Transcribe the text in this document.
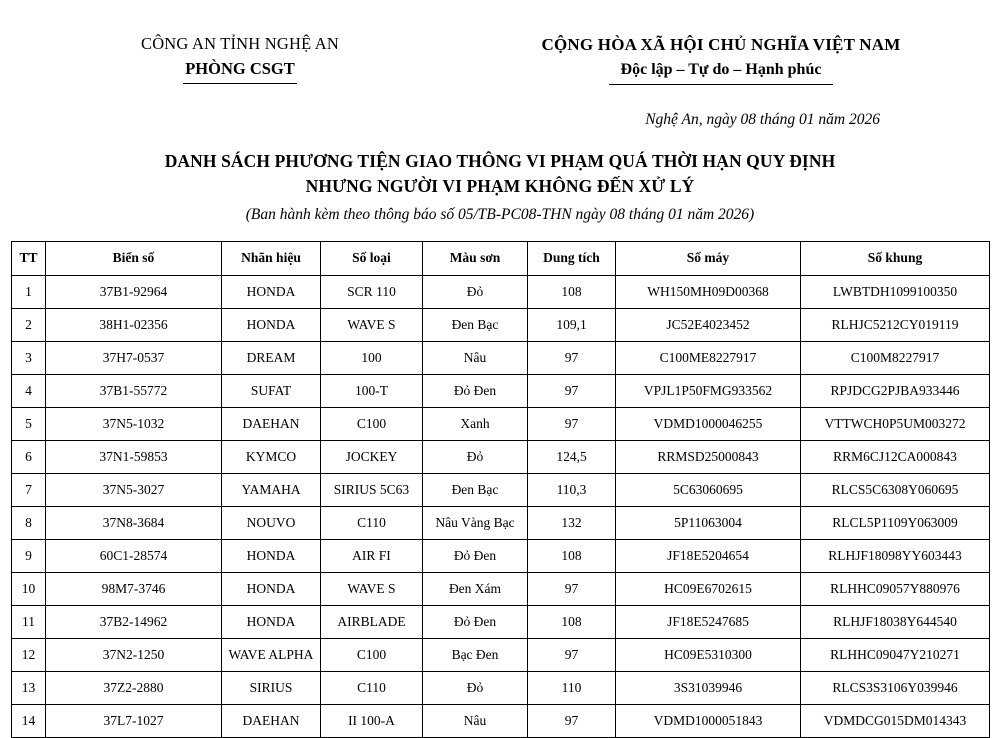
CÔNG AN TỈNH NGHỆ AN
PHÒNG CSGT
CỘNG HÒA XÃ HỘI CHỦ NGHĨA VIỆT NAM
Độc lập – Tự do – Hạnh phúc
Nghệ An, ngày 08 tháng 01 năm 2026
DANH SÁCH PHƯƠNG TIỆN GIAO THÔNG VI PHẠM QUÁ THỜI HẠN QUY ĐỊNH
NHƯNG NGƯỜI VI PHẠM KHÔNG ĐẾN XỬ LÝ
(Ban hành kèm theo thông báo số 05/TB-PC08-THN ngày 08 tháng 01 năm 2026)
TT	Biển số	Nhãn hiệu	Số loại	Màu sơn	Dung tích	Số máy	Số khung
1	37B1-92964	HONDA	SCR 110	Đỏ	108	WH150MH09D00368	LWBTDH1099100350
2	38H1-02356	HONDA	WAVE S	Đen Bạc	109,1	JC52E4023452	RLHJC5212CY019119
3	37H7-0537	DREAM	100	Nâu	97	C100ME8227917	C100M8227917
4	37B1-55772	SUFAT	100-T	Đỏ Đen	97	VPJL1P50FMG933562	RPJDCG2PJBA933446
5	37N5-1032	DAEHAN	C100	Xanh	97	VDMD1000046255	VTTWCH0P5UM003272
6	37N1-59853	KYMCO	JOCKEY	Đỏ	124,5	RRMSD25000843	RRM6CJ12CA000843
7	37N5-3027	YAMAHA	SIRIUS 5C63	Đen Bạc	110,3	5C63060695	RLCS5C6308Y060695
8	37N8-3684	NOUVO	C110	Nâu Vàng Bạc	132	5P11063004	RLCL5P1109Y063009
9	60C1-28574	HONDA	AIR FI	Đỏ Đen	108	JF18E5204654	RLHJF18098YY603443
10	98M7-3746	HONDA	WAVE S	Đen Xám	97	HC09E6702615	RLHHC09057Y880976
11	37B2-14962	HONDA	AIRBLADE	Đỏ Đen	108	JF18E5247685	RLHJF18038Y644540
12	37N2-1250	WAVE ALPHA	C100	Bạc Đen	97	HC09E5310300	RLHHC09047Y210271
13	37Z2-2880	SIRIUS	C110	Đỏ	110	3S31039946	RLCS3S3106Y039946
14	37L7-1027	DAEHAN	II 100-A	Nâu	97	VDMD1000051843	VDMDCG015DM014343
